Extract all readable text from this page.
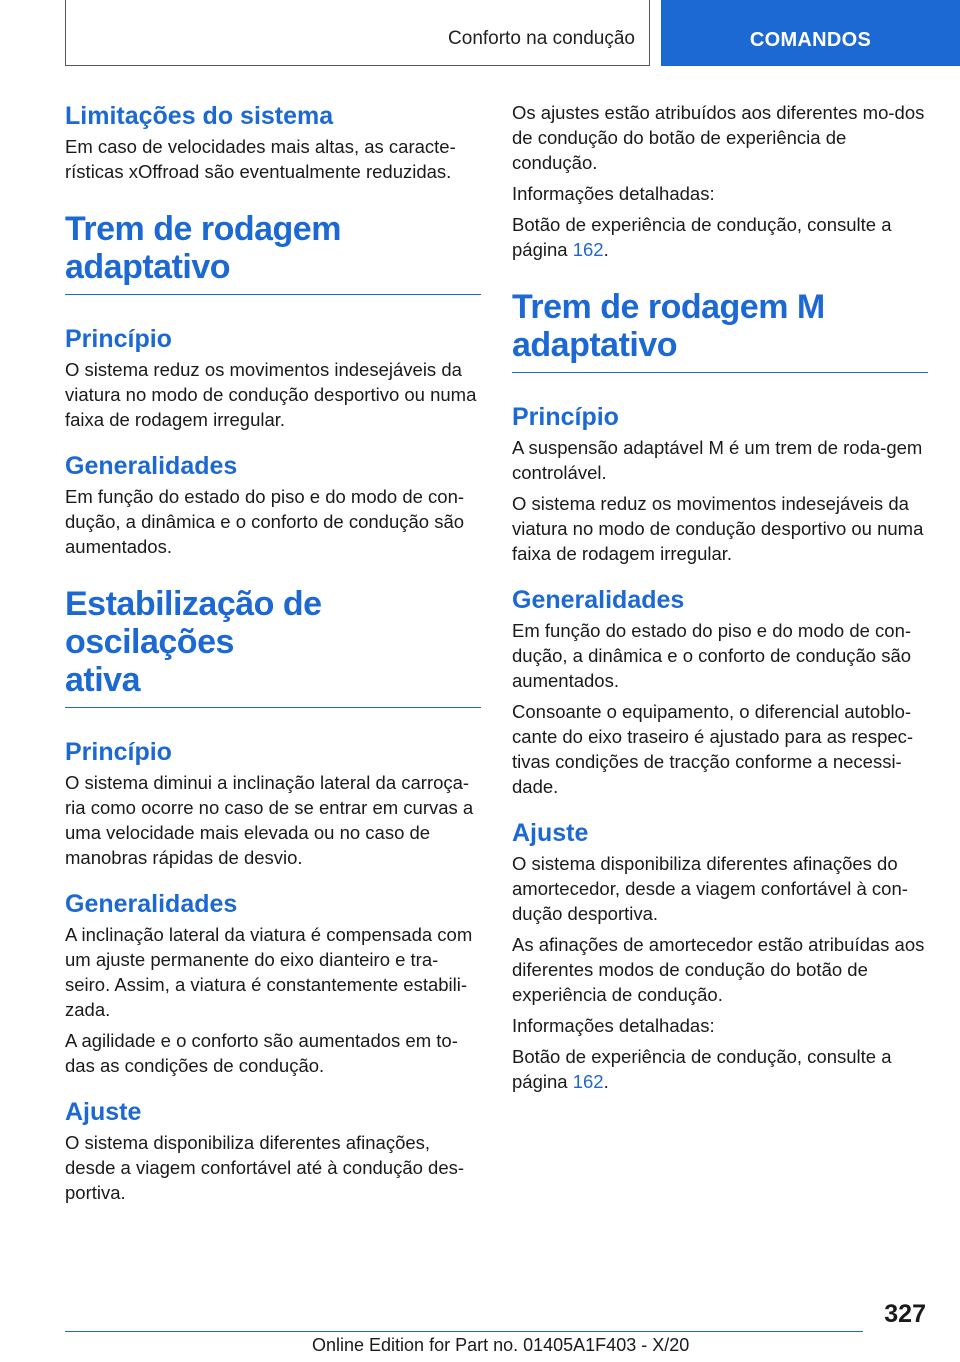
Conforto na condução	COMANDOS
Limitações do sistema

Em caso de velocidades mais altas, as caracte-rísticas xOffroad são eventualmente reduzidas.

Trem de rodagem
adaptativo
Princípio

O sistema reduz os movimentos indesejáveis da viatura no modo de condução desportivo ou numa faixa de rodagem irregular.

Generalidades

Em função do estado do piso e do modo de con-dução, a dinâmica e o conforto de condução são aumentados.

Estabilização de oscilações
ativa
Princípio

O sistema diminui a inclinação lateral da carroça-ria como ocorre no caso de se entrar em curvas a uma velocidade mais elevada ou no caso de manobras rápidas de desvio.

Generalidades

A inclinação lateral da viatura é compensada com um ajuste permanente do eixo dianteiro e tra-seiro. Assim, a viatura é constantemente estabili-zada.

A agilidade e o conforto são aumentados em to-das as condições de condução.

Ajuste

O sistema disponibiliza diferentes afinações, desde a viagem confortável até à condução des-portiva.

Os ajustes estão atribuídos aos diferentes mo-dos de condução do botão de experiência de condução.

Informações detalhadas:

Botão de experiência de condução, consulte a página 162.

Trem de rodagem M
adaptativo
Princípio

A suspensão adaptável M é um trem de roda-gem controlável.

O sistema reduz os movimentos indesejáveis da viatura no modo de condução desportivo ou numa faixa de rodagem irregular.

Generalidades

Em função do estado do piso e do modo de con-dução, a dinâmica e o conforto de condução são aumentados.

Consoante o equipamento, o diferencial autoblo-cante do eixo traseiro é ajustado para as respec-tivas condições de tracção conforme a necessi-dade.

Ajuste

O sistema disponibiliza diferentes afinações do amortecedor, desde a viagem confortável à con-dução desportiva.

As afinações de amortecedor estão atribuídas aos diferentes modos de condução do botão de experiência de condução.

Informações detalhadas:

Botão de experiência de condução, consulte a página 162.

327
Online Edition for Part no. 01405A1F403 - X/20
